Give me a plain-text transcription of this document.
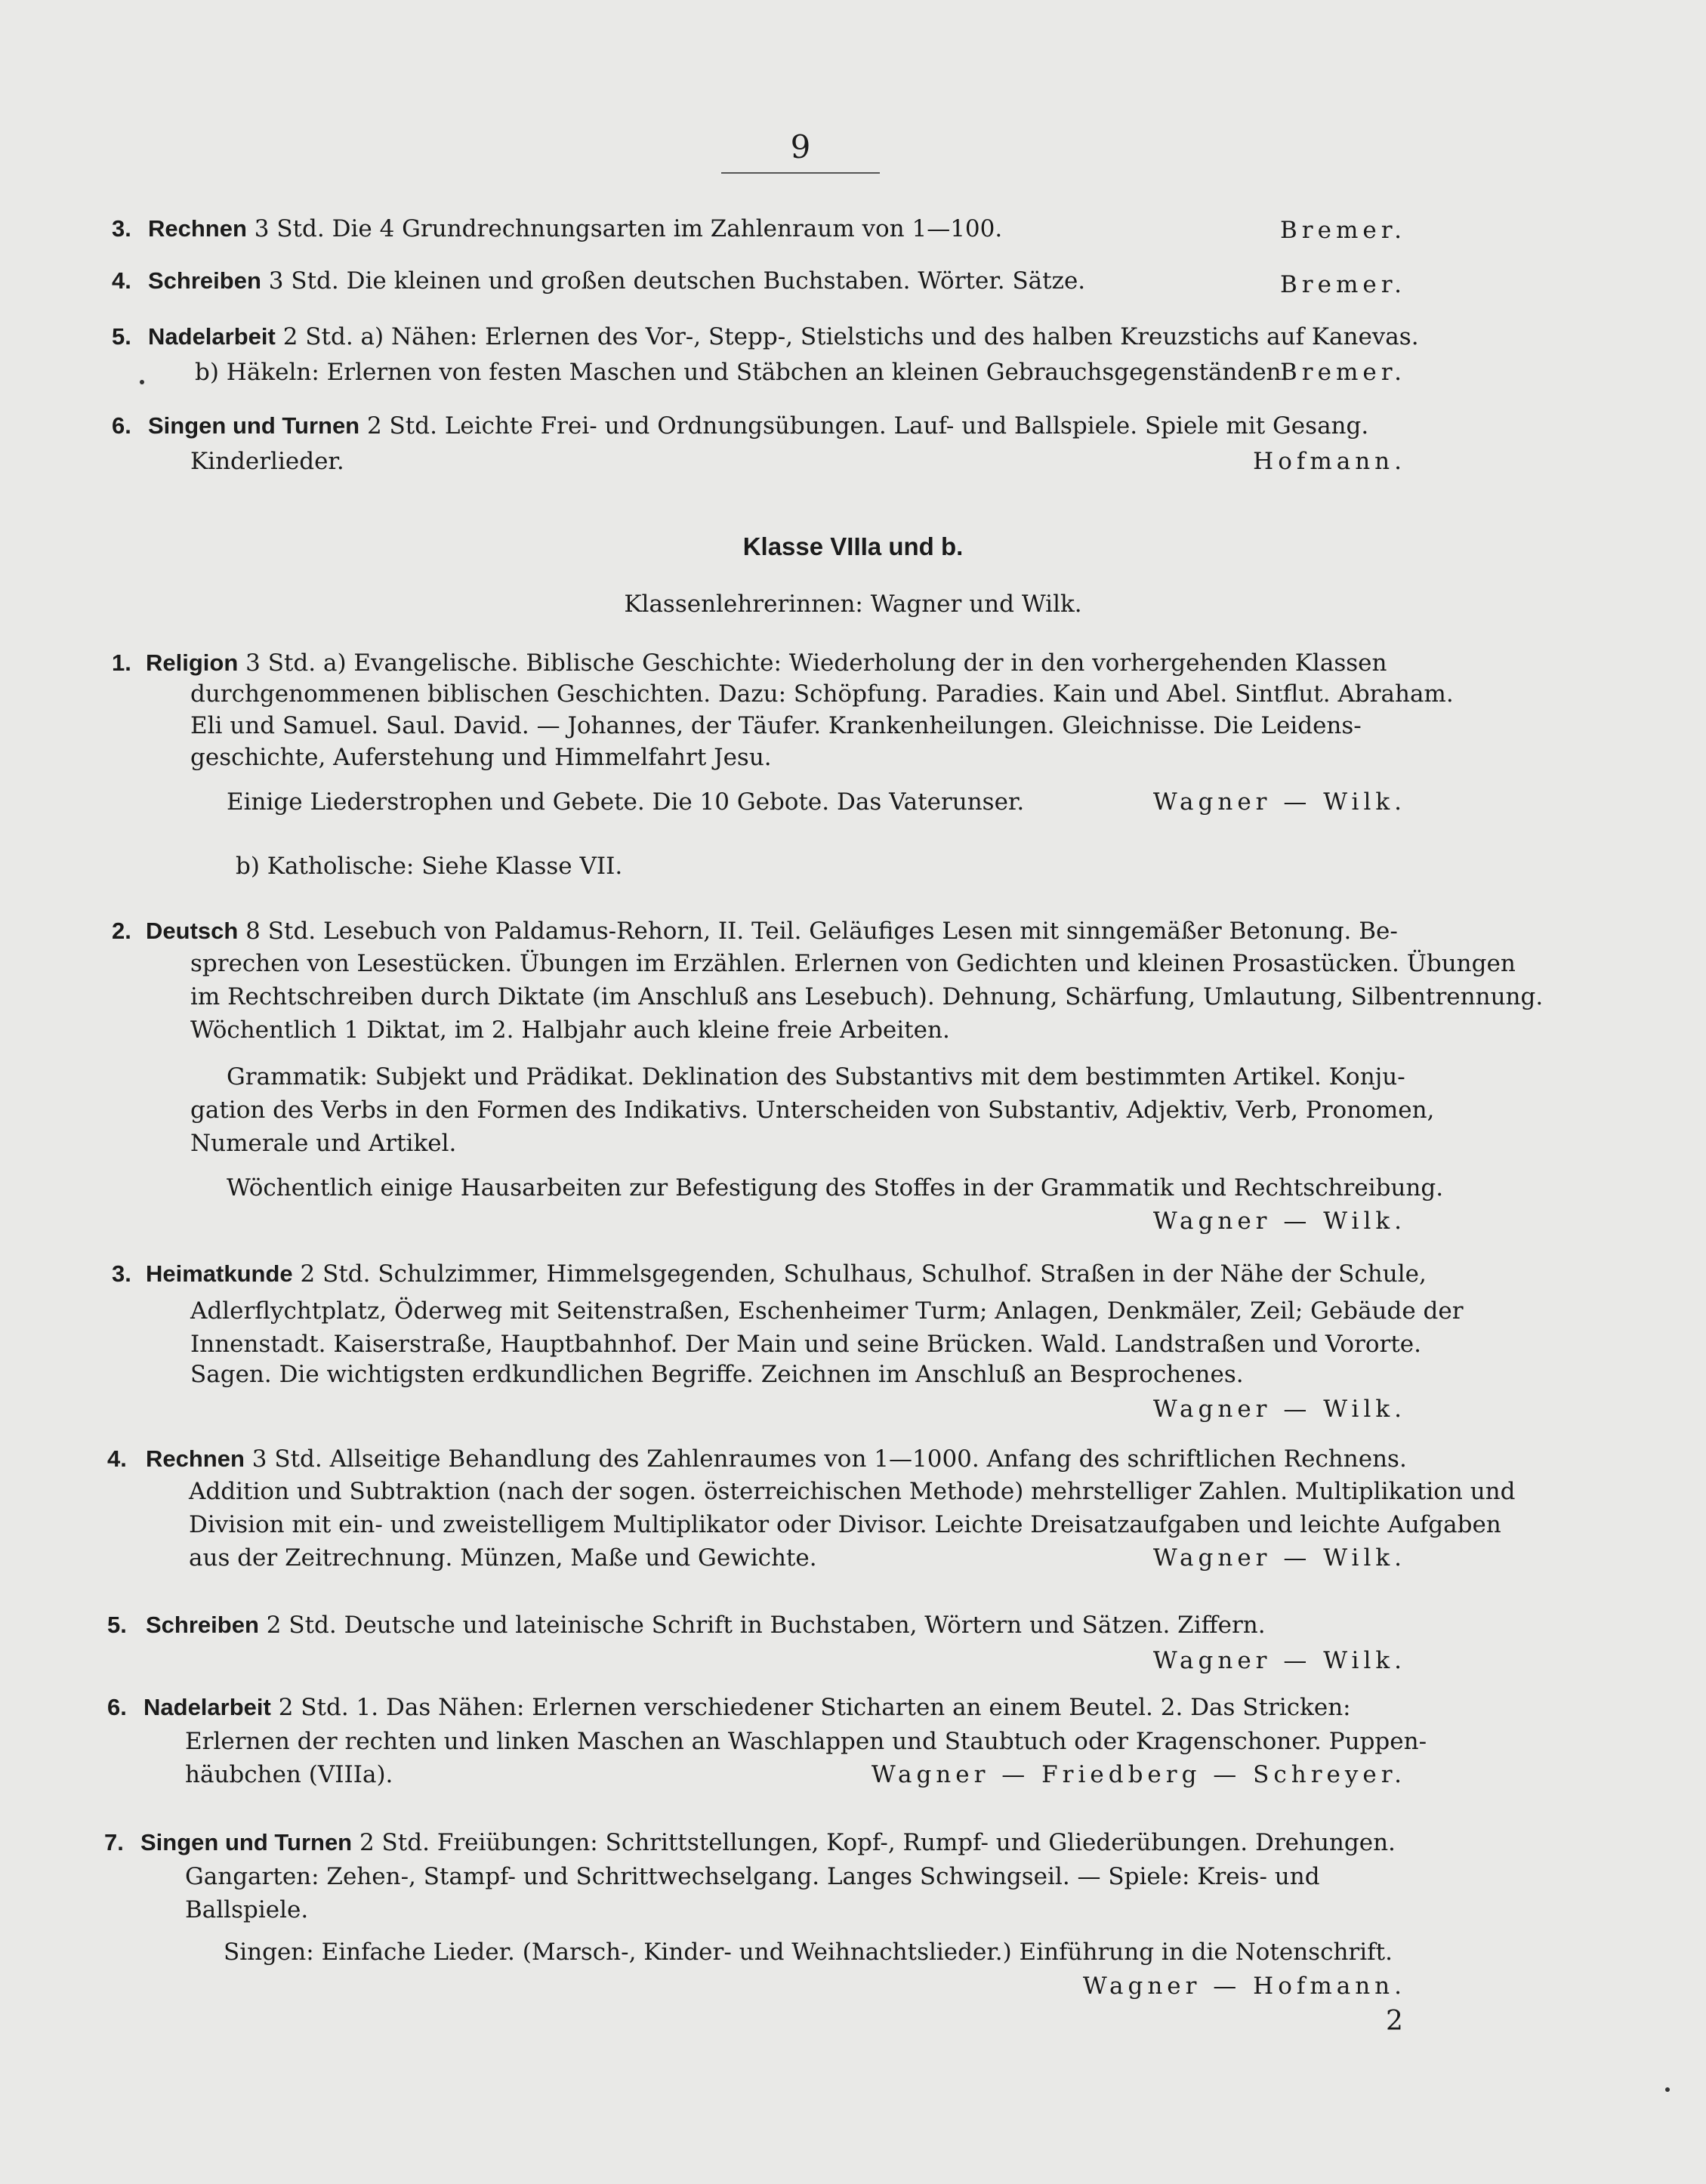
9
3. Rechnen 3 Std. Die 4 Grundrechnungsarten im Zahlenraum von 1—100.	Bremer.
4. Schreiben 3 Std. Die kleinen und großen deutschen Buchstaben. Wörter. Sätze.	Bremer.
5. Nadelarbeit 2 Std. a) Nähen: Erlernen des Vor-, Stepp-, Stielstichs und des halben Kreuzstichs auf Kanevas.
b) Häkeln: Erlernen von festen Maschen und Stäbchen an kleinen Gebrauchsgegenständen.
Bremer.
6. Singen und Turnen 2 Std. Leichte Frei- und Ordnungsübungen. Lauf- und Ballspiele. Spiele mit Gesang.
Kinderlieder.	Hofmann.
Klasse VIIIa und b.
Klassenlehrerinnen: Wagner und Wilk.
1. Religion 3 Std. a) Evangelische. Biblische Geschichte: Wiederholung der in den vorhergehenden Klassen
durchgenommenen biblischen Geschichten. Dazu: Schöpfung. Paradies. Kain und Abel. Sintflut. Abraham.
Eli und Samuel. Saul. David. — Johannes, der Täufer. Krankenheilungen. Gleichnisse. Die Leidens-
geschichte, Auferstehung und Himmelfahrt Jesu.
Einige Liederstrophen und Gebete. Die 10 Gebote. Das Vaterunser.	Wagner — Wilk.
b) Katholische: Siehe Klasse VII.
2. Deutsch 8 Std. Lesebuch von Paldamus-Rehorn, II. Teil. Geläufiges Lesen mit sinngemäßer Betonung. Be-
sprechen von Lesestücken. Übungen im Erzählen. Erlernen von Gedichten und kleinen Prosastücken. Übungen
im Rechtschreiben durch Diktate (im Anschluß ans Lesebuch). Dehnung, Schärfung, Umlautung, Silbentrennung.
Wöchentlich 1 Diktat, im 2. Halbjahr auch kleine freie Arbeiten.
Grammatik: Subjekt und Prädikat. Deklination des Substantivs mit dem bestimmten Artikel. Konju-
gation des Verbs in den Formen des Indikativs. Unterscheiden von Substantiv, Adjektiv, Verb, Pronomen,
Numerale und Artikel.
Wöchentlich einige Hausarbeiten zur Befestigung des Stoffes in der Grammatik und Rechtschreibung.
Wagner — Wilk.
3. Heimatkunde 2 Std. Schulzimmer, Himmelsgegenden, Schulhaus, Schulhof. Straßen in der Nähe der Schule,
Adlerflychtplatz, Öderweg mit Seitenstraßen, Eschenheimer Turm; Anlagen, Denkmäler, Zeil; Gebäude der
Innenstadt. Kaiserstraße, Hauptbahnhof. Der Main und seine Brücken. Wald. Landstraßen und Vororte.
Sagen. Die wichtigsten erdkundlichen Begriffe. Zeichnen im Anschluß an Besprochenes.
Wagner — Wilk.
4. Rechnen 3 Std. Allseitige Behandlung des Zahlenraumes von 1—1000. Anfang des schriftlichen Rechnens.
Addition und Subtraktion (nach der sogen. österreichischen Methode) mehrstelliger Zahlen. Multiplikation und
Division mit ein- und zweistelligem Multiplikator oder Divisor. Leichte Dreisatzaufgaben und leichte Aufgaben
aus der Zeitrechnung. Münzen, Maße und Gewichte.	Wagner — Wilk.
5. Schreiben 2 Std. Deutsche und lateinische Schrift in Buchstaben, Wörtern und Sätzen. Ziffern.
Wagner — Wilk.
6. Nadelarbeit 2 Std. 1. Das Nähen: Erlernen verschiedener Sticharten an einem Beutel. 2. Das Stricken:
Erlernen der rechten und linken Maschen an Waschlappen und Staubtuch oder Kragenschoner. Puppen-
häubchen (VIIIa).	Wagner — Friedberg — Schreyer.
7. Singen und Turnen 2 Std. Freiübungen: Schrittstellungen, Kopf-, Rumpf- und Gliederübungen. Drehungen.
Gangarten: Zehen-, Stampf- und Schrittwechselgang. Langes Schwingseil. — Spiele: Kreis- und
Ballspiele.
Singen: Einfache Lieder. (Marsch-, Kinder- und Weihnachtslieder.) Einführung in die Notenschrift.
Wagner — Hofmann.
2
